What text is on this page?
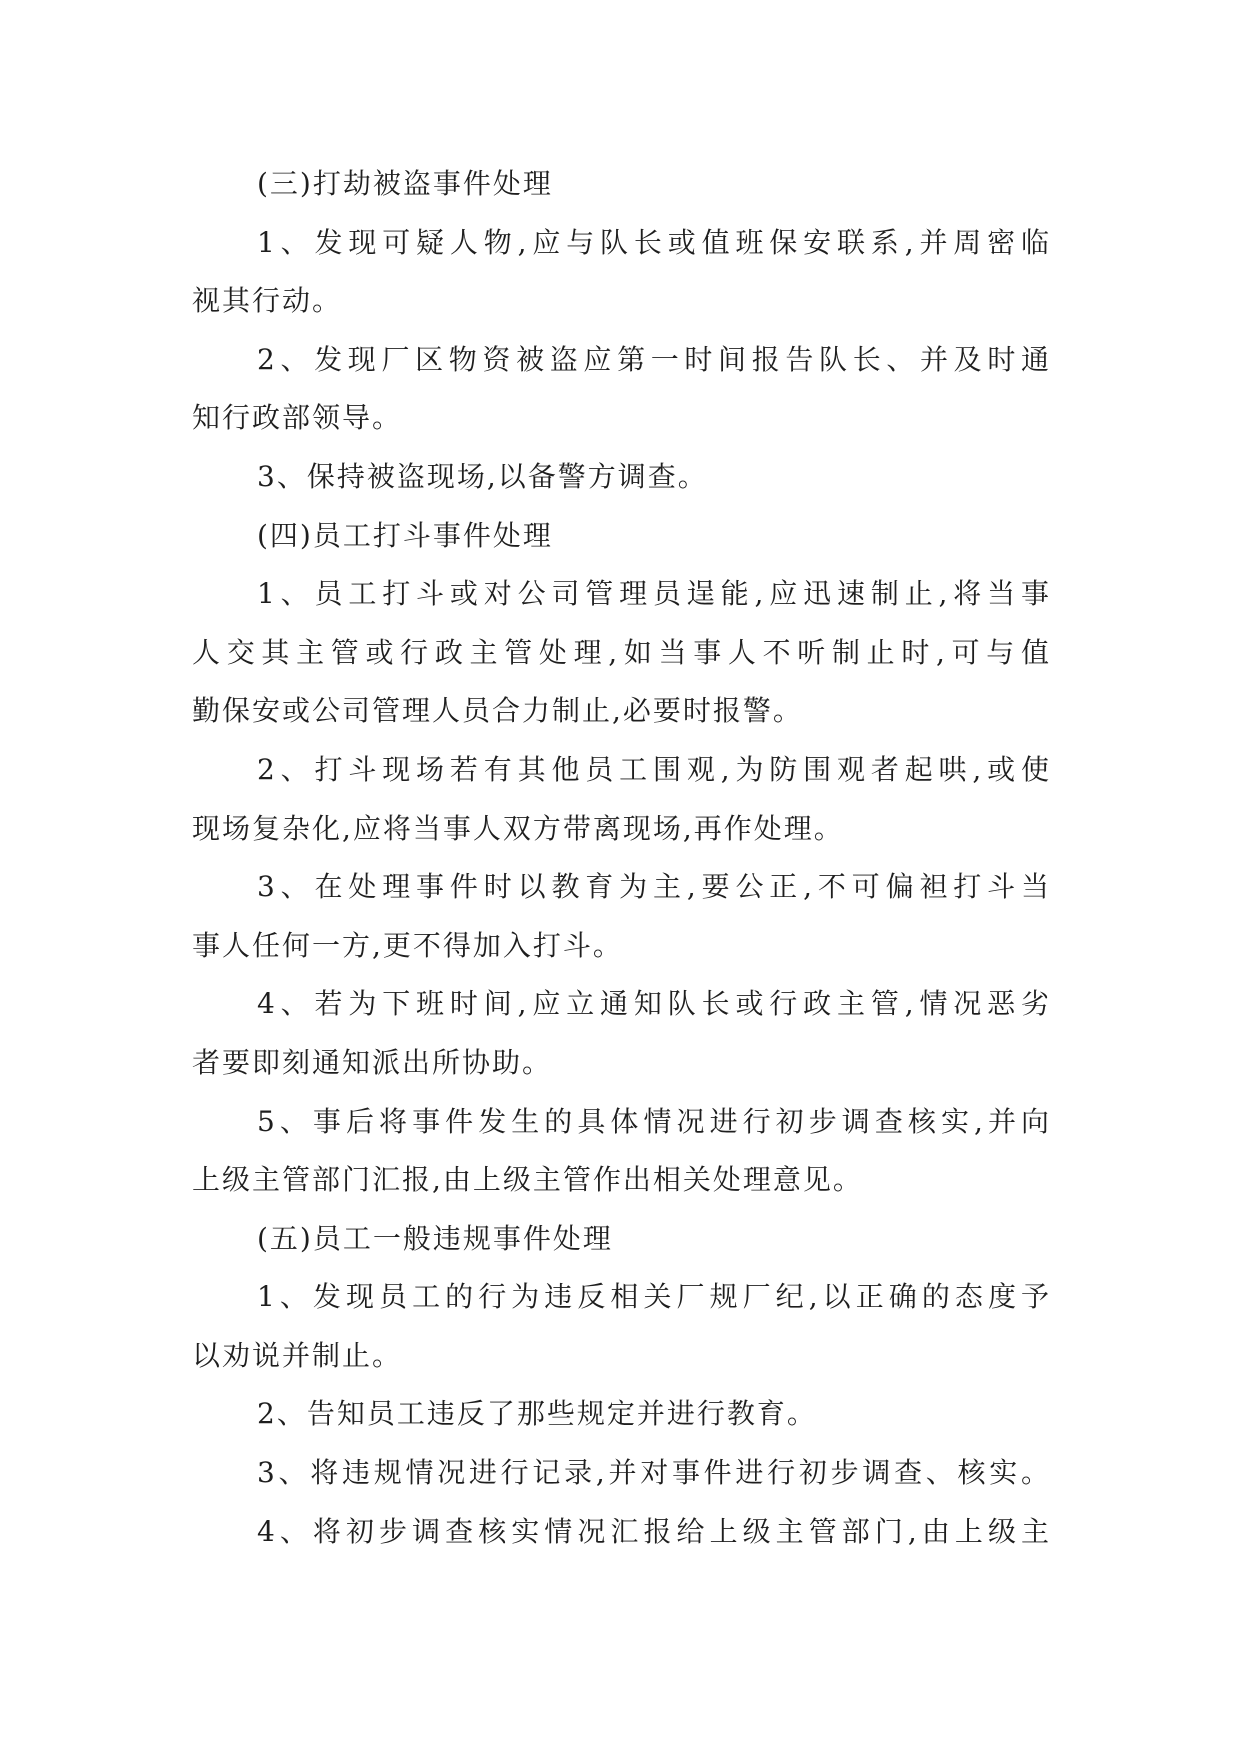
(三)打劫被盗事件处理
1、发现可疑人物,应与队长或值班保安联系,并周密临
视其行动。
2、发现厂区物资被盗应第一时间报告队长、并及时通
知行政部领导。
3、保持被盗现场,以备警方调查。
(四)员工打斗事件处理
1、员工打斗或对公司管理员逞能,应迅速制止,将当事
人交其主管或行政主管处理,如当事人不听制止时,可与值
勤保安或公司管理人员合力制止,必要时报警。
2、打斗现场若有其他员工围观,为防围观者起哄,或使
现场复杂化,应将当事人双方带离现场,再作处理。
3、在处理事件时以教育为主,要公正,不可偏袒打斗当
事人任何一方,更不得加入打斗。
4、若为下班时间,应立通知队长或行政主管,情况恶劣
者要即刻通知派出所协助。
5、事后将事件发生的具体情况进行初步调查核实,并向
上级主管部门汇报,由上级主管作出相关处理意见。
(五)员工一般违规事件处理
1、发现员工的行为违反相关厂规厂纪,以正确的态度予
以劝说并制止。
2、告知员工违反了那些规定并进行教育。
3、将违规情况进行记录,并对事件进行初步调查、核实。
4、将初步调查核实情况汇报给上级主管部门,由上级主
